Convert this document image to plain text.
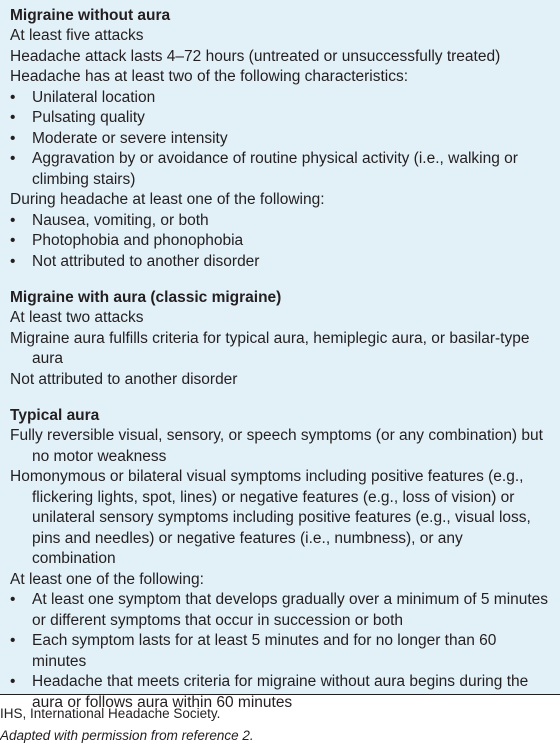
Migraine without aura

At least five attacks

Headache attack lasts 4–72 hours (untreated or unsuccessfully treated)

Headache has at least two of the following characteristics:

•	Unilateral location
•	Pulsating quality
•	Moderate or severe intensity
•	Aggravation by or avoidance of routine physical activity (i.e., walking or climbing stairs)

During headache at least one of the following:

•	Nausea, vomiting, or both
•	Photophobia and phonophobia
•	Not attributed to another disorder

Migraine with aura (classic migraine)

At least two attacks

Migraine aura fulfills criteria for typical aura, hemiplegic aura, or basilar-type aura

Not attributed to another disorder

Typical aura

Fully reversible visual, sensory, or speech symptoms (or any combination) but no motor weakness

Homonymous or bilateral visual symptoms including positive features (e.g., flickering lights, spot, lines) or negative features (e.g., loss of vision) or unilateral sensory symptoms including positive features (e.g., visual loss, pins and needles) or negative features (i.e., numbness), or any combination

At least one of the following:

•	At least one symptom that develops gradually over a minimum of 5 minutes or different symptoms that occur in succession or both
•	Each symptom lasts for at least 5 minutes and for no longer than 60 minutes
•	Headache that meets criteria for migraine without aura begins during the aura or follows aura within 60 minutes

IHS, International Headache Society.

Adapted with permission from reference 2.
